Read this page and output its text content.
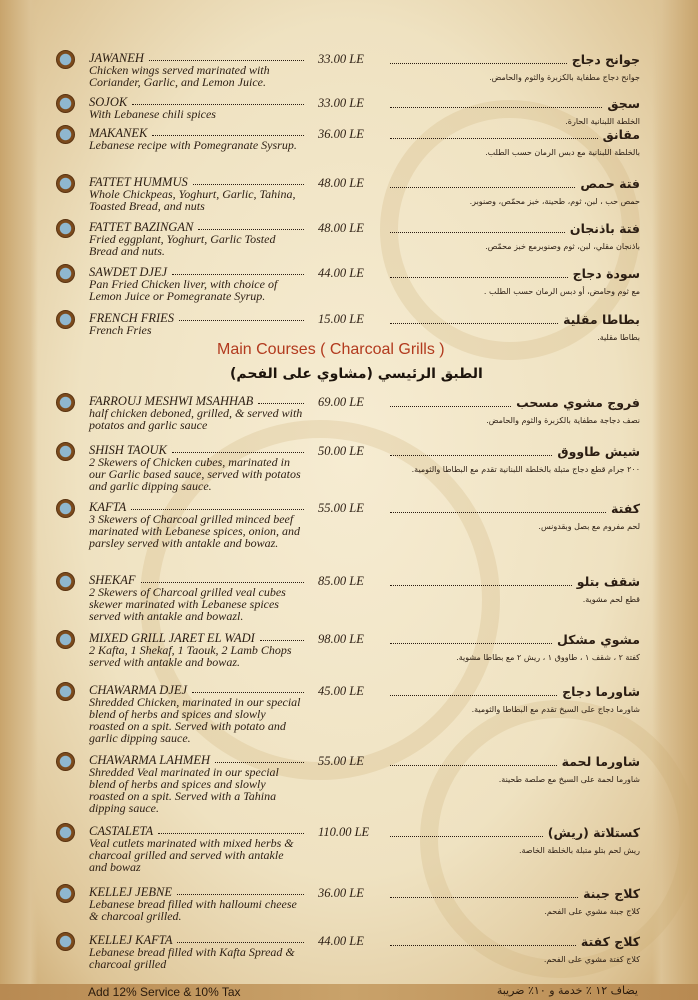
JAWANEH
Chicken wings served marinated with Coriander, Garlic, and Lemon Juice.
33.00 LE	جوانح دجاج
جوانح دجاج مطفاية بالكزبرة والثوم والحامض.
SOJOK
With Lebanese chili spices
33.00 LE	سجق
الخلطة اللبنانية الحارة.
MAKANEK
Lebanese recipe with Pomegranate Sysrup.
36.00 LE	مقانق
بالخلطة اللبنانية مع دبس الرمان حسب الطلب.
FATTET HUMMUS
Whole Chickpeas, Yoghurt, Garlic, Tahina, Toasted Bread, and nuts
48.00 LE	فتة حمص
حمص حب ، لبن، ثوم، طحينة، خبز محمّص، وصنوبر.
FATTET BAZINGAN
Fried eggplant, Yoghurt, Garlic Tosted Bread and nuts.
48.00 LE	فتة باذنجان
باذنجان مقلي، لبن، ثوم وصنوبرمع خبز محمّص.
SAWDET DJEJ
Pan Fried Chicken liver, with choice of Lemon Juice or Pomegranate Syrup.
44.00 LE	سودة دجاج
مع ثوم وحامض، أو دبس الرمان حسب الطلب .
FRENCH FRIES
French Fries
15.00 LE	بطاطا مقلية
بطاطا مقلية.
FARROUJ MESHWI MSAHHAB
half chicken deboned, grilled, & served with potatos and garlic sauce
69.00 LE	فروج مشوي مسحب
نصف دجاجة مطفاية بالكزبرة والثوم والحامض.
SHISH TAOUK
2 Skewers of Chicken cubes, marinated in our Garlic based sauce, served with potatos and garlic dipping sauce.
50.00 LE	شيش طاووق
٢٠٠ جرام قطع دجاج متبلة بالخلطة اللبنانية تقدم مع البطاطا والثومية.
KAFTA
3 Skewers of Charcoal grilled minced beef marinated with Lebanese spices, onion, and parsley served with antakle and bowaz.
55.00 LE	كفتة
لحم مفروم مع بصل وبقدونس.
SHEKAF
2 Skewers of Charcoal grilled veal cubes skewer marinated with Lebanese spices served with antakle and bowazl.
85.00 LE	شقف بتلو
قطع لحم مشوية.
MIXED GRILL JARET EL WADI
2 Kafta, 1 Shekaf, 1 Taouk, 2 Lamb Chops served with antakle and bowaz.
98.00 LE	مشوي مشكل
كفتة ٢ ، شقف ١ ، طاووق ١ ، ريش ٢ مع بطاطا مشوية.
CHAWARMA DJEJ
Shredded Chicken, marinated in our special blend of herbs and spices and slowly roasted on a spit. Served with potato and garlic dipping sauce.
45.00 LE	شاورما دجاج
شاورما دجاج على السيخ تقدم مع البطاطا والثومية.
CHAWARMA LAHMEH
Shredded Veal marinated in our special blend of herbs and spices and slowly roasted on a spit. Served with a Tahina dipping sauce.
55.00 LE	شاورما لحمة
شاورما لحمة على السيخ مع صلصة طحينة.
CASTALETA
Veal cutlets marinated with mixed herbs & charcoal grilled and served with antakle and bowaz
110.00 LE	كستلاتة (ريش)
ريش لحم بتلو متبلة بالخلطة الخاصة.
KELLEJ JEBNE
Lebanese bread filled with halloumi cheese & charcoal grilled.
36.00 LE	كلاج جبنة
كلاج جبنة مشوي على الفحم.
KELLEJ KAFTA
Lebanese bread filled with Kafta Spread & charcoal grilled
44.00 LE	كلاج كفتة
كلاج كفتة مشوي على الفحم.
Main Courses ( Charcoal Grills )
الطبق الرئيسي (مشاوي على الفحم)
Add 12% Service & 10% Tax	يضاف ١٢ ٪ خدمة و ١٠٪ ضريبة
